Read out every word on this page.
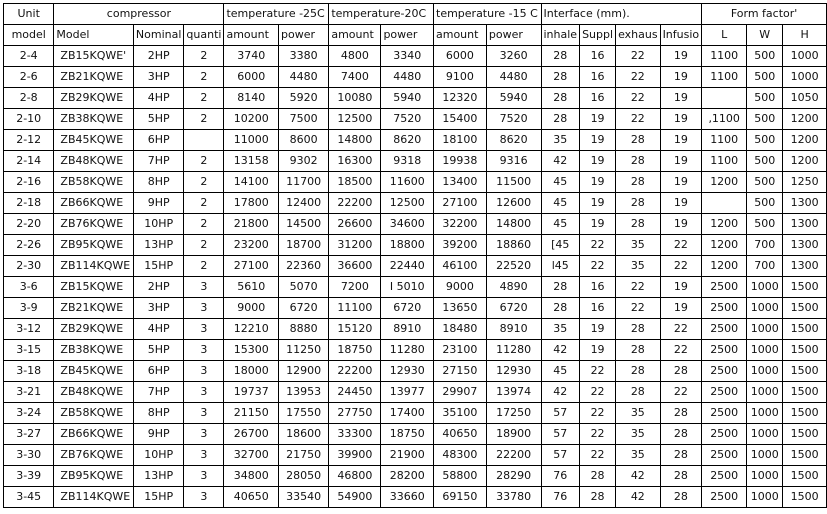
Unit	compressor			temperature -25C		temperature-20C		temperature -15 C		Interface (mm).				Form factor'		
model	Model	Nominal	quanti	amount	power	amount	power	amount	power	inhale	Suppl	exhaus	Infusio	L	W	H
2-4	ZB15KQWE'	2HP	2	3740	3380	4800	3340	6000	3260	28	16	22	19	1100	500	1000
2-6	ZB21KQWE	3HP	2	6000	4480	7400	4480	9100	4480	28	16	22	19	1100	500	1000
2-8	ZB29KQWE	4HP	2	8140	5920	10080	5940	12320	5940	28	16	22	19		500	1050
2-10	ZB38KQWE	5HP	2	10200	7500	12500	7520	15400	7520	28	19	22	19	,1100	500	1200
2-12	ZB45KQWE	6HP		11000	8600	14800	8620	18100	8620	35	19	28	19	1100	500	1200
2-14	ZB48KQWE	7HP	2	13158	9302	16300	9318	19938	9316	42	19	28	19	1100	500	1200
2-16	ZB58KQWE	8HP	2	14100	11700	18500	11600	13400	11500	45	19	28	19	1200	500	1250
2-18	ZB66KQWE	9HP	2	17800	12400	22200	12500	27100	12600	45	19	28	19		500	1300
2-20	ZB76KQWE	10HP	2	21800	14500	26600	34600	32200	14800	45	19	28	19	1200	500	1300
2-26	ZB95KQWE	13HP	2	23200	18700	31200	18800	39200	18860	[45	22	35	22	1200	700	1300
2-30	ZB114KQWE	15HP	2	27100	22360	36600	22440	46100	22520	l45	22	35	22	1200	700	1300
3-6	ZB15KQWE	2HP	3	5610	5070	7200	I 5010	9000	4890	28	16	22	19	2500	1000	1500
3-9	ZB21KQWE	3HP	3	9000	6720	11100	6720	13650	6720	28	16	22	19	2500	1000	1500
3-12	ZB29KQWE	4HP	3	12210	8880	15120	8910	18480	8910	35	19	28	22	2500	1000	1500
3-15	ZB38KQWE	5HP	3	15300	11250	18750	11280	23100	11280	42	19	28	22	2500	1000	1500
3-18	ZB45KQWE	6HP	3	18000	12900	22200	12930	27150	12930	45	22	28	28	2500	1000	1500
3-21	ZB48KQWE	7HP	3	19737	13953	24450	13977	29907	13974	42	22	28	22	2500	1000	1500
3-24	ZB58KQWE	8HP	3	21150	17550	27750	17400	35100	17250	57	22	35	28	2500	1000	1500
3-27	ZB66KQWE	9HP	3	26700	18600	33300	18750	40650	18900	57	22	35	28	2500	1000	1500
3-30	ZB76KQWE	10HP	3	32700	21750	39900	21900	48300	22200	57	22	35	28	2500	1000	1500
3-39	ZB95KQWE	13HP	3	34800	28050	46800	28200	58800	28290	76	28	42	28	2500	1000	1500
3-45	ZB114KQWE	15HP	3	40650	33540	54900	33660	69150	33780	76	28	42	28	2500	1000	1500
